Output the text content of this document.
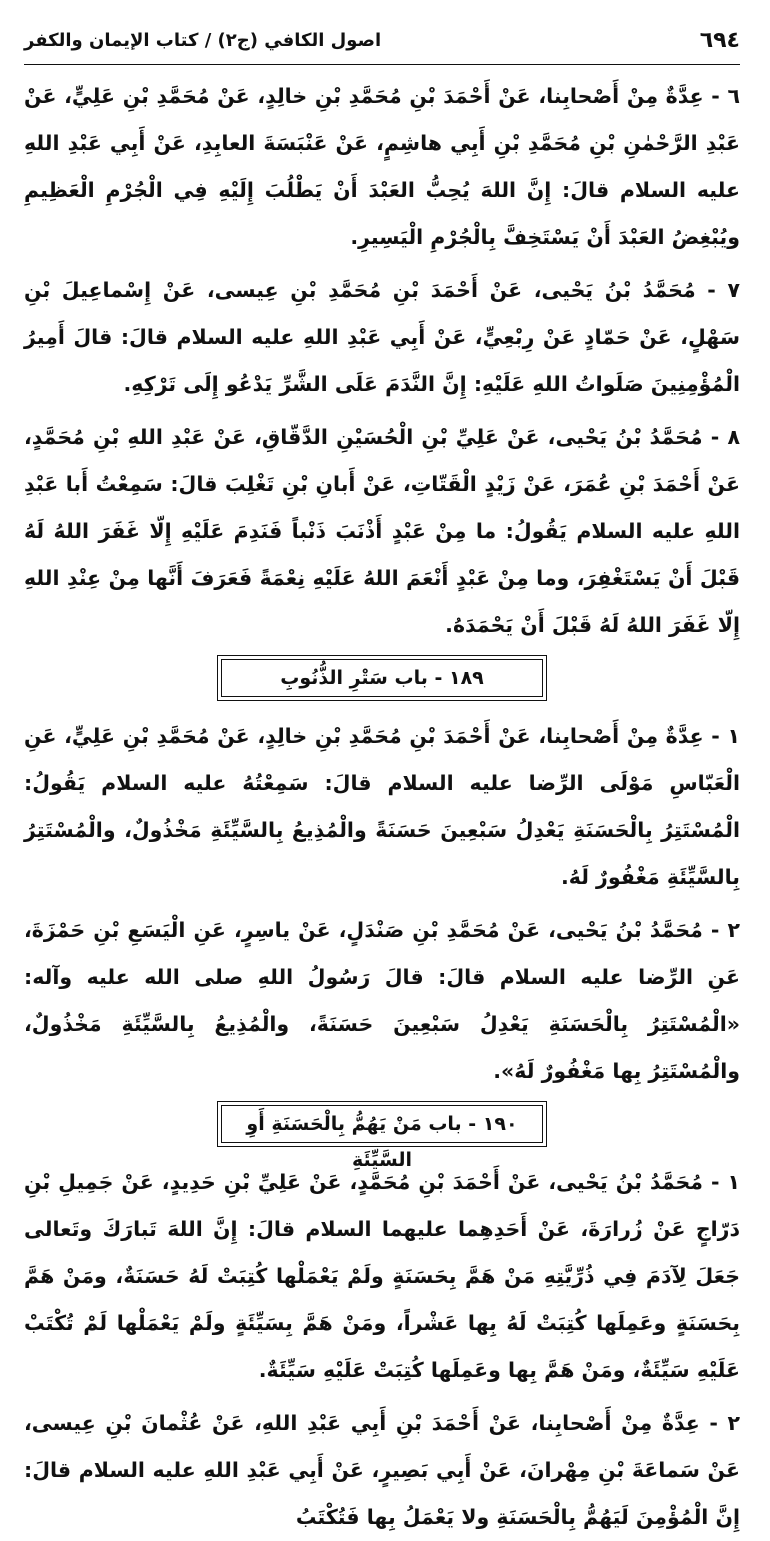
٦٩٤
اصول الكافي (ج٢) / كتاب الإيمان والكفر

٦ - عِدَّةٌ مِنْ أَصْحابِنا، عَنْ أَحْمَدَ بْنِ مُحَمَّدِ بْنِ خالِدٍ، عَنْ مُحَمَّدِ بْنِ عَلِيٍّ، عَنْ عَبْدِ الرَّحْمٰنِ بْنِ مُحَمَّدِ بْنِ أَبِي هاشِمٍ، عَنْ عَنْبَسَةَ العابِدِ، عَنْ أَبِي عَبْدِ اللهِ عليه السلام قالَ: إِنَّ اللهَ يُحِبُّ العَبْدَ أَنْ يَطْلُبَ إِلَيْهِ فِي الْجُرْمِ الْعَظِيمِ ويُبْغِضُ العَبْدَ أَنْ يَسْتَخِفَّ بِالْجُرْمِ الْيَسِيرِ.

٧ - مُحَمَّدُ بْنُ يَحْيى، عَنْ أَحْمَدَ بْنِ مُحَمَّدِ بْنِ عِيسى، عَنْ إِسْماعِيلَ بْنِ سَهْلٍ، عَنْ حَمّادٍ عَنْ رِبْعِيٍّ، عَنْ أَبِي عَبْدِ اللهِ عليه السلام قالَ: قالَ أَمِيرُ الْمُؤْمِنِينَ صَلَواتُ اللهِ عَلَيْهِ: إِنَّ النَّدَمَ عَلَى الشَّرِّ يَدْعُو إِلَى تَرْكِهِ.

٨ - مُحَمَّدُ بْنُ يَحْيى، عَنْ عَلِيِّ بْنِ الْحُسَيْنِ الدَّقّاقِ، عَنْ عَبْدِ اللهِ بْنِ مُحَمَّدٍ، عَنْ أَحْمَدَ بْنِ عُمَرَ، عَنْ زَيْدٍ الْقَتّاتِ، عَنْ أَبانِ بْنِ تَغْلِبَ قالَ: سَمِعْتُ أَبا عَبْدِ اللهِ عليه السلام يَقُولُ: ما مِنْ عَبْدٍ أَذْنَبَ ذَنْباً فَنَدِمَ عَلَيْهِ إِلّا غَفَرَ اللهُ لَهُ قَبْلَ أَنْ يَسْتَغْفِرَ، وما مِنْ عَبْدٍ أَنْعَمَ اللهُ عَلَيْهِ نِعْمَةً فَعَرَفَ أَنَّها مِنْ عِنْدِ اللهِ إِلّا غَفَرَ اللهُ لَهُ قَبْلَ أَنْ يَحْمَدَهُ.

١٨٩ - باب سَتْرِ الذُّنُوبِ

١ - عِدَّةٌ مِنْ أَصْحابِنا، عَنْ أَحْمَدَ بْنِ مُحَمَّدِ بْنِ خالِدٍ، عَنْ مُحَمَّدِ بْنِ عَلِيٍّ، عَنِ الْعَبّاسِ مَوْلَى الرِّضا عليه السلام قالَ: سَمِعْتُهُ عليه السلام يَقُولُ: الْمُسْتَتِرُ بِالْحَسَنَةِ يَعْدِلُ سَبْعِينَ حَسَنَةً والْمُذِيعُ بِالسَّيِّئَةِ مَخْذُولٌ، والْمُسْتَتِرُ بِالسَّيِّئَةِ مَغْفُورٌ لَهُ.

٢ - مُحَمَّدُ بْنُ يَحْيى، عَنْ مُحَمَّدِ بْنِ صَنْدَلٍ، عَنْ ياسِرٍ، عَنِ الْيَسَعِ بْنِ حَمْزَةَ، عَنِ الرِّضا عليه السلام قالَ: قالَ رَسُولُ اللهِ صلى الله عليه وآله: «الْمُسْتَتِرُ بِالْحَسَنَةِ يَعْدِلُ سَبْعِينَ حَسَنَةً، والْمُذِيعُ بِالسَّيِّئَةِ مَخْذُولٌ، والْمُسْتَتِرُ بِها مَغْفُورٌ لَهُ».

١٩٠ - باب مَنْ يَهُمُّ بِالْحَسَنَةِ أَوِ السَّيِّئَةِ

١ - مُحَمَّدُ بْنُ يَحْيى، عَنْ أَحْمَدَ بْنِ مُحَمَّدٍ، عَنْ عَلِيِّ بْنِ حَدِيدٍ، عَنْ جَمِيلِ بْنِ دَرّاجٍ عَنْ زُرارَةَ، عَنْ أَحَدِهِما عليهما السلام قالَ: إِنَّ اللهَ تَبارَكَ وتَعالى جَعَلَ لِآدَمَ فِي ذُرِّيَّتِهِ مَنْ هَمَّ بِحَسَنَةٍ ولَمْ يَعْمَلْها كُتِبَتْ لَهُ حَسَنَةٌ، ومَنْ هَمَّ بِحَسَنَةٍ وعَمِلَها كُتِبَتْ لَهُ بِها عَشْراً، ومَنْ هَمَّ بِسَيِّئَةٍ ولَمْ يَعْمَلْها لَمْ تُكْتَبْ عَلَيْهِ سَيِّئَةٌ، ومَنْ هَمَّ بِها وعَمِلَها كُتِبَتْ عَلَيْهِ سَيِّئَةٌ.

٢ - عِدَّةٌ مِنْ أَصْحابِنا، عَنْ أَحْمَدَ بْنِ أَبِي عَبْدِ اللهِ، عَنْ عُثْمانَ بْنِ عِيسى، عَنْ سَماعَةَ بْنِ مِهْرانَ، عَنْ أَبِي بَصِيرٍ، عَنْ أَبِي عَبْدِ اللهِ عليه السلام قالَ: إِنَّ الْمُؤْمِنَ لَيَهُمُّ بِالْحَسَنَةِ ولا يَعْمَلُ بِها فَتُكْتَبُ
